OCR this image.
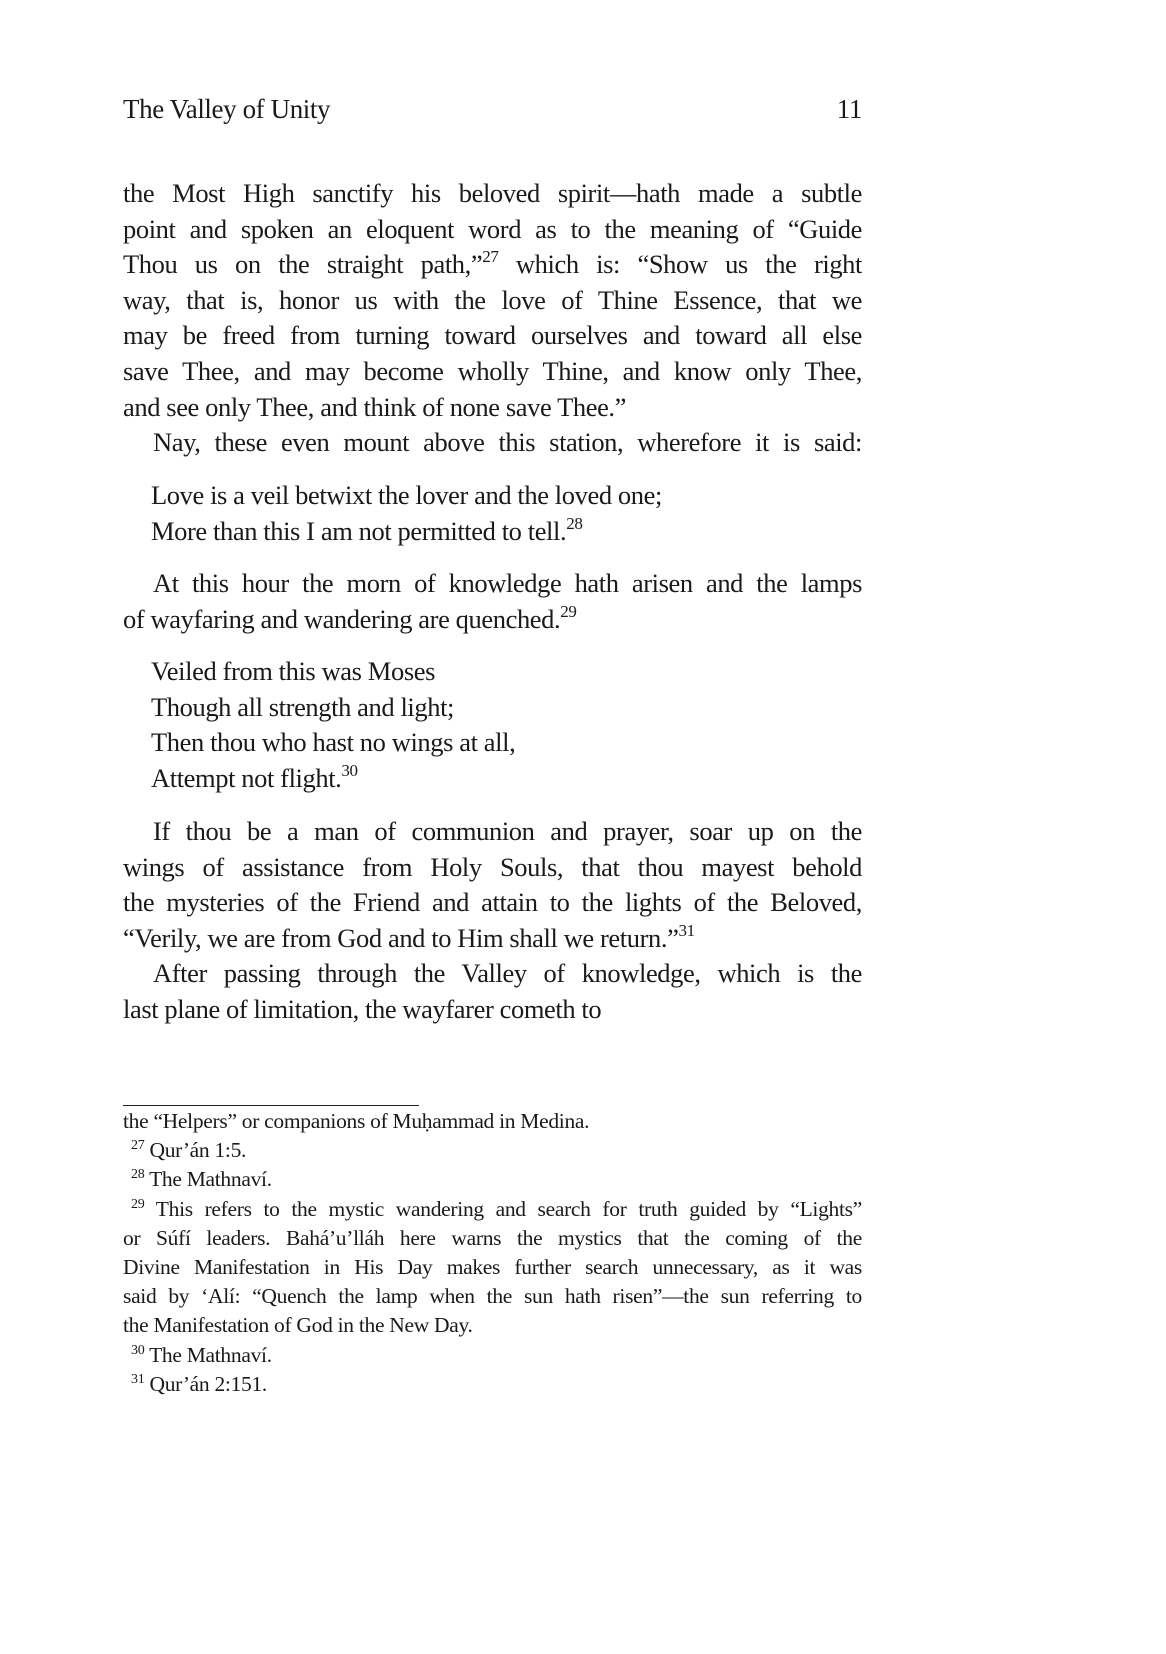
The Valley of Unity	11
the Most High sanctify his beloved spirit—hath made a subtle
point and spoken an eloquent word as to the meaning of “Guide
Thou us on the straight path,”$^{27}$ which is: “Show us the right
way, that is, honor us with the love of Thine Essence, that we
may be freed from turning toward ourselves and toward all else
save Thee, and may become wholly Thine, and know only Thee,
and see only Thee, and think of none save Thee.”
Nay, these even mount above this station, wherefore it is said:
Love is a veil betwixt the lover and the loved one;
More than this I am not permitted to tell.$^{28}$
At this hour the morn of knowledge hath arisen and the lamps
of wayfaring and wandering are quenched.$^{29}$
Veiled from this was Moses
Though all strength and light;
Then thou who hast no wings at all,
Attempt not flight.$^{30}$
If thou be a man of communion and prayer, soar up on the
wings of assistance from Holy Souls, that thou mayest behold
the mysteries of the Friend and attain to the lights of the Beloved,
“Verily, we are from God and to Him shall we return.”$^{31}$
After passing through the Valley of knowledge, which is the
last plane of limitation, the wayfarer cometh to
the “Helpers” or companions of Muḥammad in Medina.
$^{27}$ Qur’án 1:5.
$^{28}$ The Mathnaví.
$^{29}$ This refers to the mystic wandering and search for truth guided by “Lights”
or Súfí leaders. Bahá’u’lláh here warns the mystics that the coming of the
Divine Manifestation in His Day makes further search unnecessary, as it was
said by ‘Alí: “Quench the lamp when the sun hath risen”—the sun referring to
the Manifestation of God in the New Day.
$^{30}$ The Mathnaví.
$^{31}$ Qur’án 2:151.
